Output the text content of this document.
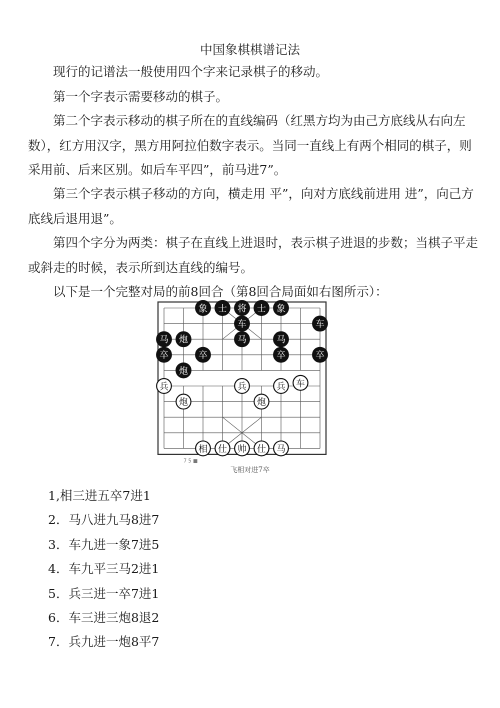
中国象棋棋谱记法

现行的记谱法一般使用四个字来记录棋子的移动。

第一个字表示需要移动的棋子。

第二个字表示移动的棋子所在的直线编码（红黑方均为由己方底线从右向左数），红方用汉字，黑方用阿拉伯数字表示。当同一直线上有两个相同的棋子，则采用前、后来区别。如后车平四”，前马进7”。

第三个字表示棋子移动的方向，横走用 平”，向对方底线前进用 进”，向己方底线后退用退”。

第四个字分为两类：棋子在直线上进退时，表示棋子进退的步数；当棋子平走或斜走的时候，表示所到达直线的编号。

以下是一个完整对局的前8回合（第8回合局面如右图所示）：

象 士 将 士 象
车	车
马 炮	马	马
卒	卒	卒	卒
炮
兵	兵	兵 车
炮	炮
相 仕 帅 仕 马
7 5 ■
飞相对进7卒
1,相三进五卒7进1
2．马八进九马8进7
3．车九进一象7进5
4．车九平三马2进1
5．兵三进一卒7进1
6．车三进三炮8退2
7．兵九进一炮8平7
